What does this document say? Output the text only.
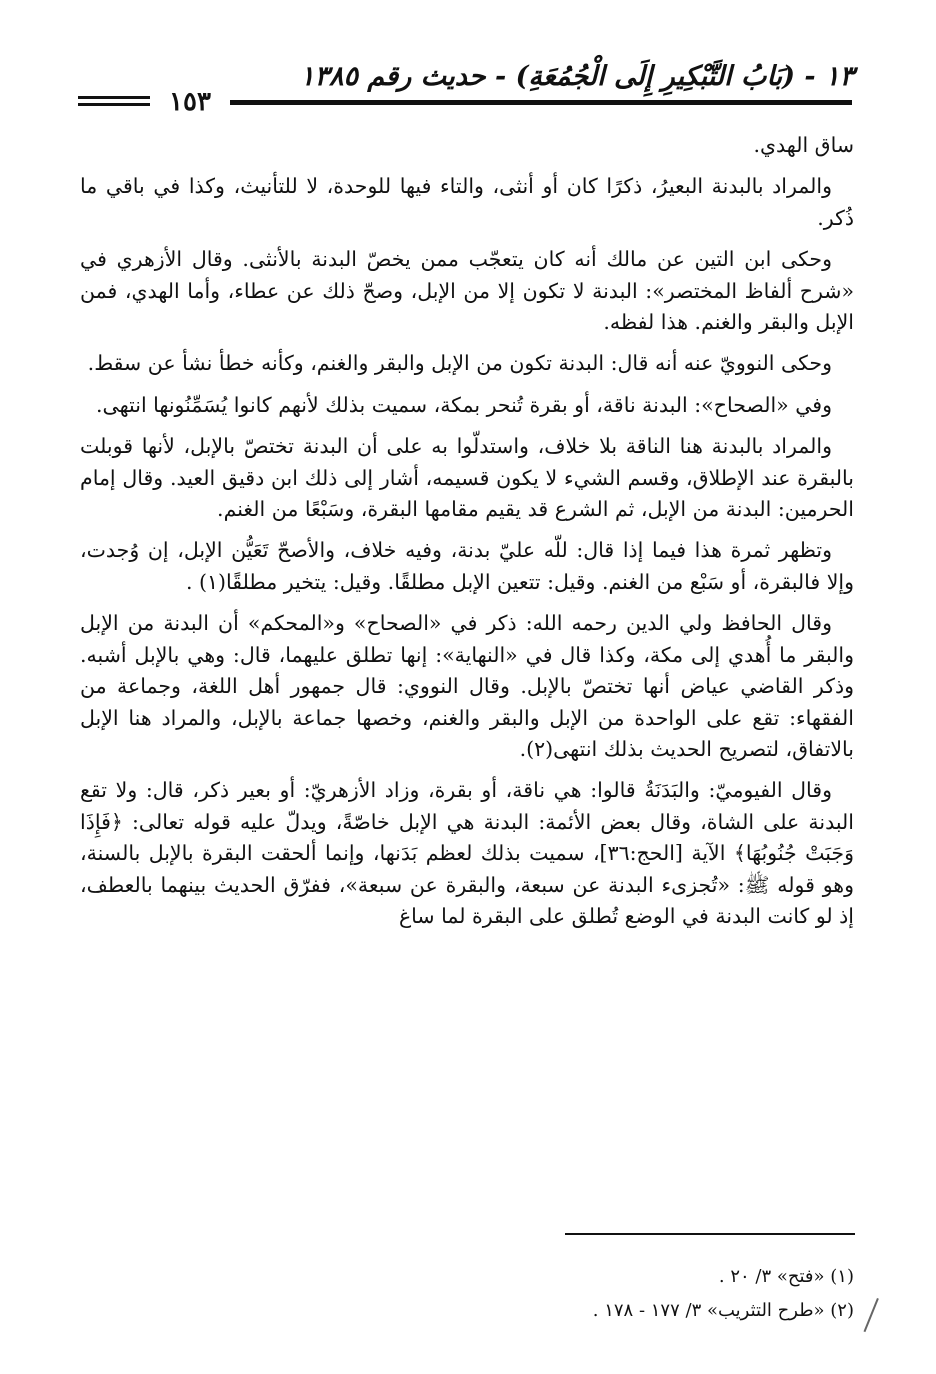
١٣ - (بَابُ التَّبْكِيرِ إِلَى الْجُمُعَةِ) - حديث رقم ١٣٨٥
١٥٣

ساق الهدي.

والمراد بالبدنة البعيرُ، ذكرًا كان أو أنثى، والتاء فيها للوحدة، لا للتأنيث، وكذا في باقي ما ذُكر.

وحكى ابن التين عن مالك أنه كان يتعجّب ممن يخصّ البدنة بالأنثى. وقال الأزهري في «شرح ألفاظ المختصر»: البدنة لا تكون إلا من الإبل، وصحّ ذلك عن عطاء، وأما الهدي، فمن الإبل والبقر والغنم. هذا لفظه.

وحكى النوويّ عنه أنه قال: البدنة تكون من الإبل والبقر والغنم، وكأنه خطأ نشأ عن سقط.

وفي «الصحاح»: البدنة ناقة، أو بقرة تُنحر بمكة، سميت بذلك لأنهم كانوا يُسَمِّنُونها انتهى.

والمراد بالبدنة هنا الناقة بلا خلاف، واستدلّوا به على أن البدنة تختصّ بالإبل، لأنها قوبلت بالبقرة عند الإطلاق، وقسم الشيء لا يكون قسيمه، أشار إلى ذلك ابن دقيق العيد. وقال إمام الحرمين: البدنة من الإبل، ثم الشرع قد يقيم مقامها البقرة، وسَبْعًا من الغنم.

وتظهر ثمرة هذا فيما إذا قال: للّه عليّ بدنة، وفيه خلاف، والأصحّ تَعَيُّن الإبل، إن وُجدت، وإلا فالبقرة، أو سَبْع من الغنم. وقيل: تتعين الإبل مطلقًا. وقيل: يتخير مطلقًا(١) .

وقال الحافظ ولي الدين رحمه الله: ذكر في «الصحاح» و«المحكم» أن البدنة من الإبل والبقر ما أُهدي إلى مكة، وكذا قال في «النهاية»: إنها تطلق عليهما، قال: وهي بالإبل أشبه. وذكر القاضي عياض أنها تختصّ بالإبل. وقال النووي: قال جمهور أهل اللغة، وجماعة من الفقهاء: تقع على الواحدة من الإبل والبقر والغنم، وخصها جماعة بالإبل، والمراد هنا الإبل بالاتفاق، لتصريح الحديث بذلك انتهى(٢).

وقال الفيوميّ: والبَدَنَةُ قالوا: هي ناقة، أو بقرة، وزاد الأزهريّ: أو بعير ذكر، قال: ولا تقع البدنة على الشاة، وقال بعض الأئمة: البدنة هي الإبل خاصّةً، ويدلّ عليه قوله تعالى: ﴿فَإِذَا وَجَبَتْ جُنُوبُهَا﴾ الآية [الحج:٣٦]، سميت بذلك لعظم بَدَنها، وإنما ألحقت البقرة بالإبل بالسنة، وهو قوله ﷺ: «تُجزىء البدنة عن سبعة، والبقرة عن سبعة»، ففرّق الحديث بينهما بالعطف، إذ لو كانت البدنة في الوضع تُطلق على البقرة لما ساغ

(١) «فتح» ٣/ ٢٠ .
(٢) «طرح التثريب» ٣/ ١٧٧ - ١٧٨ .
